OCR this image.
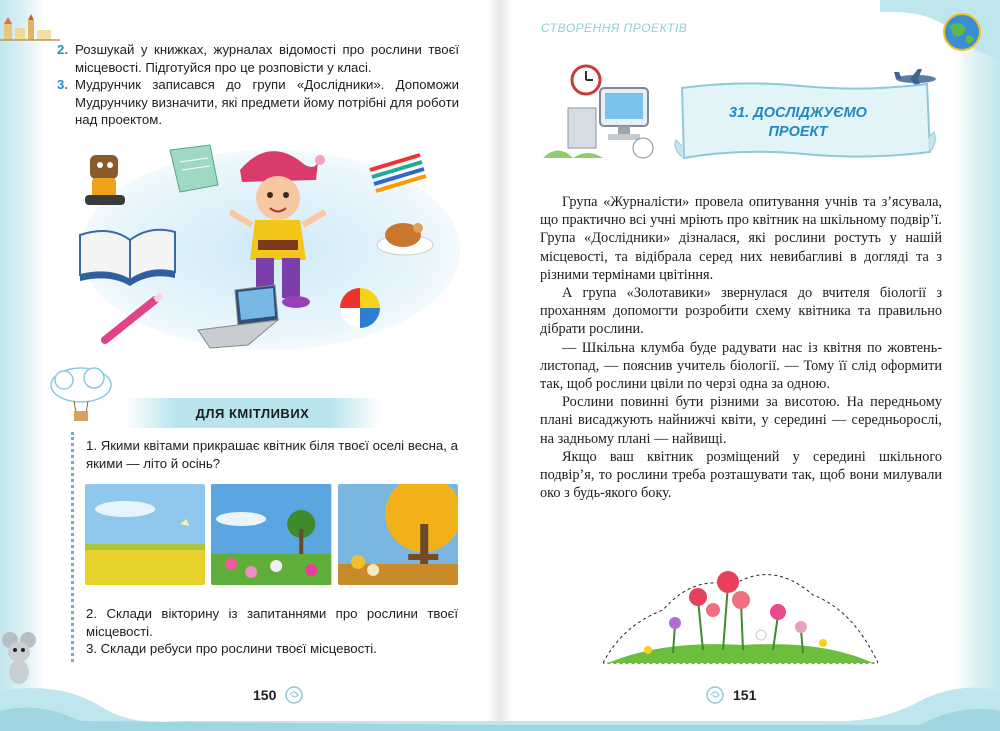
2. Розшукай у книжках, журналах відомості про рослини твоєї місцевості. Підготуйся про це розповісти у класі.
3. Мудрунчик записався до групи «Дослідники». Допоможи Мудрунчику визначити, які предмети йому потрібні для роботи над проектом.
ДЛЯ КМІТЛИВИХ
1. Якими квітами прикрашає квітник біля твоєї оселі весна, а якими — літо й осінь?
2. Склади вікторину із запитаннями про рослини твоєї місцевості.
3. Склади ребуси про рослини твоєї місцевості.
150
СТВОРЕННЯ ПРОЕКТІВ
31. ДОСЛІДЖУЄМО ПРОЕКТ

Група «Журналісти» провела опитування учнів та з’ясувала, що практично всі учні мріють про квітник на шкільному подвір’ї. Група «Дослідники» дізналася, які рослини ростуть у нашій місцевості, та відібрала серед них невибагливі в догляді та з різними термінами цвітіння.

А група «Золотавики» звернулася до вчителя біології з проханням допомогти розробити схему квітника та правильно дібрати рослини.

— Шкільна клумба буде радувати нас із квітня по жовтень-листопад, — пояснив учитель біології. — Тому її слід оформити так, щоб рослини цвіли по черзі одна за одною.

Рослини повинні бути різними за висотою. На передньому плані висаджують найнижчі квіти, у середині — середньорослі, на задньому плані — найвищі.

Якщо ваш квітник розміщений у середині шкільного подвір’я, то рослини треба розташувати так, щоб вони милували око з будь-якого боку.

151
